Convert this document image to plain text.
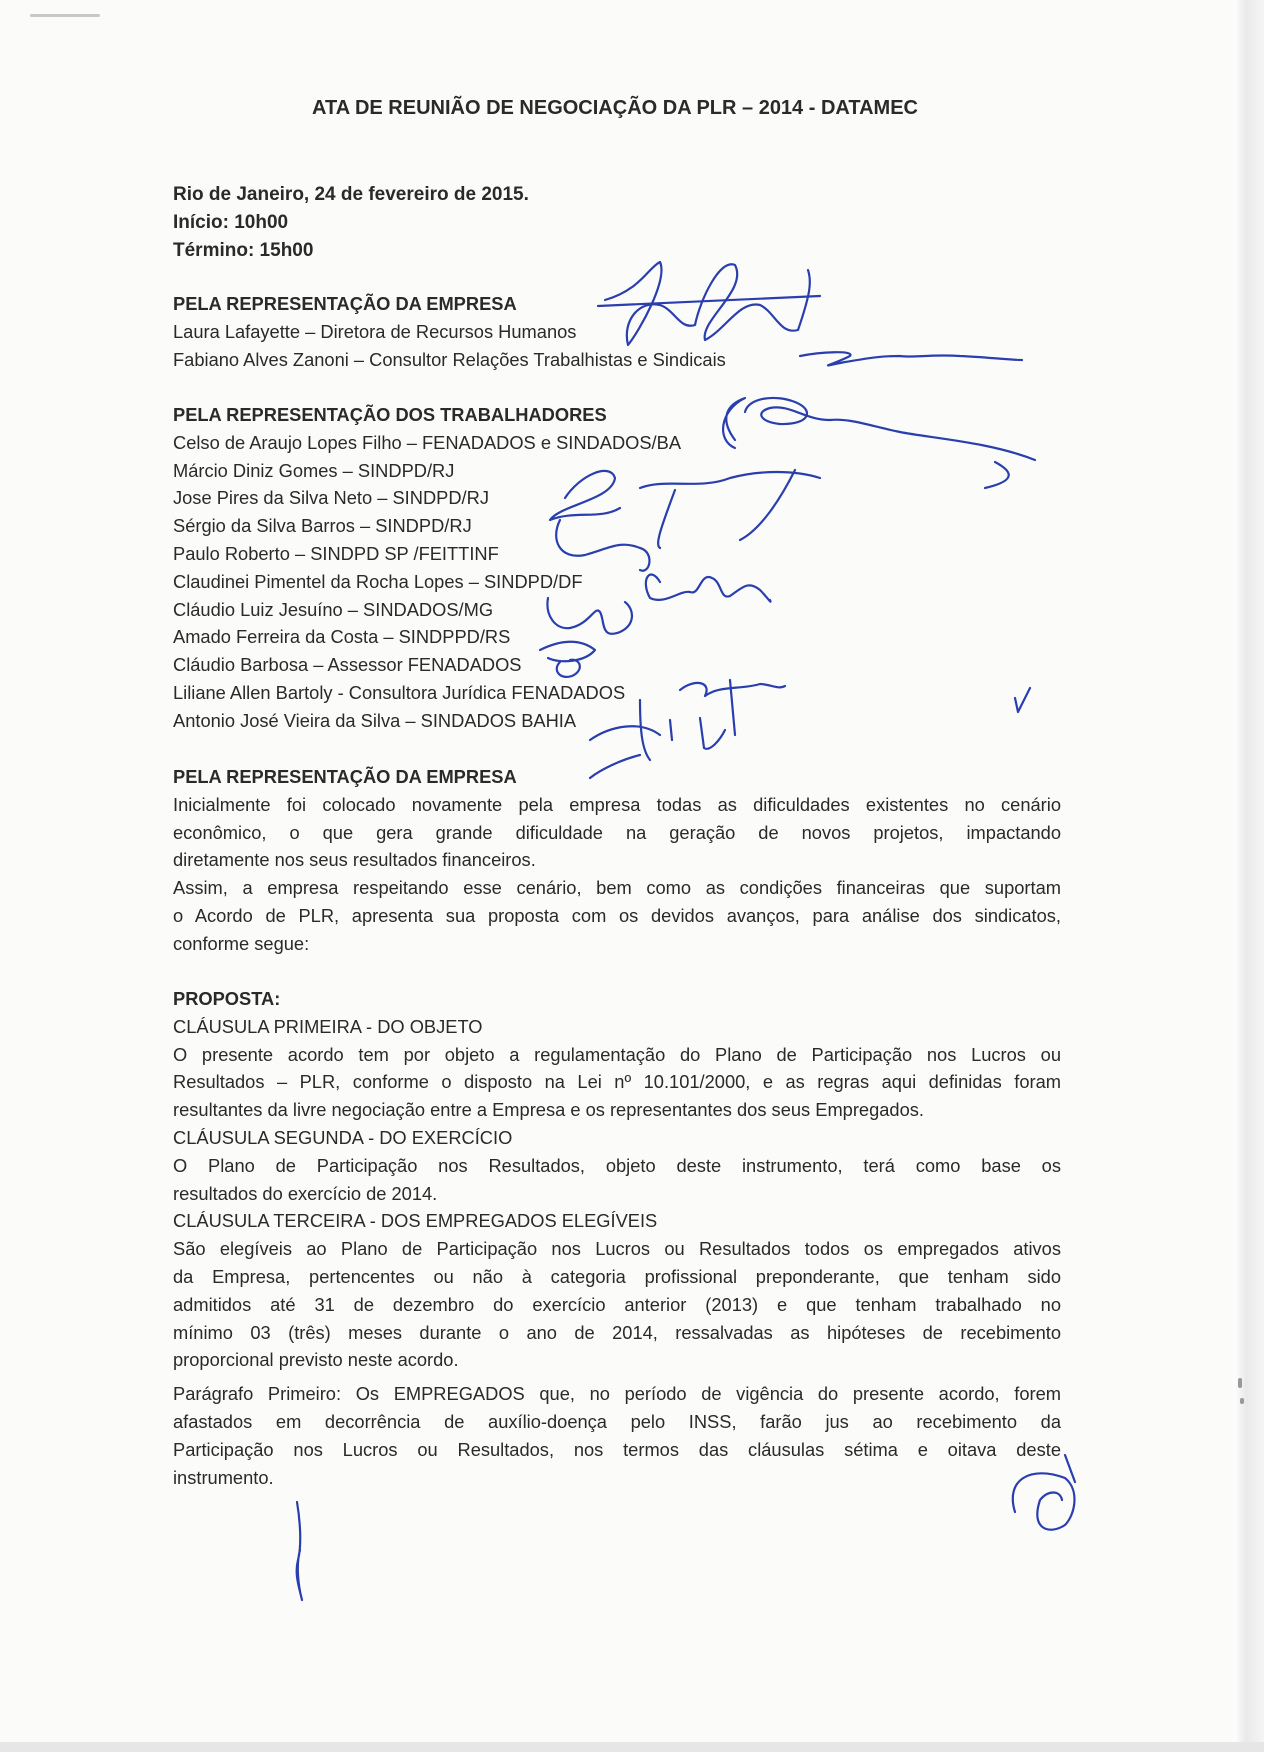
ATA DE REUNIÃO DE NEGOCIAÇÃO DA PLR – 2014 - DATAMEC
Rio de Janeiro, 24 de fevereiro de 2015.
Início: 10h00
Término: 15h00
PELA REPRESENTAÇÃO DA EMPRESA
Laura Lafayette – Diretora de Recursos Humanos
Fabiano Alves Zanoni – Consultor Relações Trabalhistas e Sindicais
PELA REPRESENTAÇÃO DOS TRABALHADORES
Celso de Araujo Lopes Filho – FENADADOS e SINDADOS/BA
Márcio Diniz Gomes – SINDPD/RJ
Jose Pires da Silva Neto – SINDPD/RJ
Sérgio da Silva Barros – SINDPD/RJ
Paulo Roberto – SINDPD SP /FEITTINF
Claudinei Pimentel da Rocha Lopes – SINDPD/DF
Cláudio Luiz Jesuíno – SINDADOS/MG
Amado Ferreira da Costa – SINDPPD/RS
Cláudio Barbosa – Assessor FENADADOS
Liliane Allen Bartoly - Consultora Jurídica FENADADOS
Antonio José Vieira da Silva – SINDADOS BAHIA
PELA REPRESENTAÇÃO DA EMPRESA
Inicialmente foi colocado novamente pela empresa todas as dificuldades existentes no cenário
econômico, o que gera grande dificuldade na geração de novos projetos, impactando
diretamente nos seus resultados financeiros.
Assim, a empresa respeitando esse cenário, bem como as condições financeiras que suportam
o Acordo de PLR, apresenta sua proposta com os devidos avanços, para análise dos sindicatos,
conforme segue:
PROPOSTA:
CLÁUSULA PRIMEIRA - DO OBJETO
O presente acordo tem por objeto a regulamentação do Plano de Participação nos Lucros ou
Resultados – PLR, conforme o disposto na Lei nº 10.101/2000, e as regras aqui definidas foram
resultantes da livre negociação entre a Empresa e os representantes dos seus Empregados.
CLÁUSULA SEGUNDA - DO EXERCÍCIO
O Plano de Participação nos Resultados, objeto deste instrumento, terá como base os
resultados do exercício de 2014.
CLÁUSULA TERCEIRA - DOS EMPREGADOS ELEGÍVEIS
São elegíveis ao Plano de Participação nos Lucros ou Resultados todos os empregados ativos
da Empresa, pertencentes ou não à categoria profissional preponderante, que tenham sido
admitidos até 31 de dezembro do exercício anterior (2013) e que tenham trabalhado no
mínimo 03 (três) meses durante o ano de 2014, ressalvadas as hipóteses de recebimento
proporcional previsto neste acordo.
Parágrafo Primeiro: Os EMPREGADOS que, no período de vigência do presente acordo, forem
afastados em decorrência de auxílio-doença pelo INSS, farão jus ao recebimento da
Participação nos Lucros ou Resultados, nos termos das cláusulas sétima e oitava deste
instrumento.
